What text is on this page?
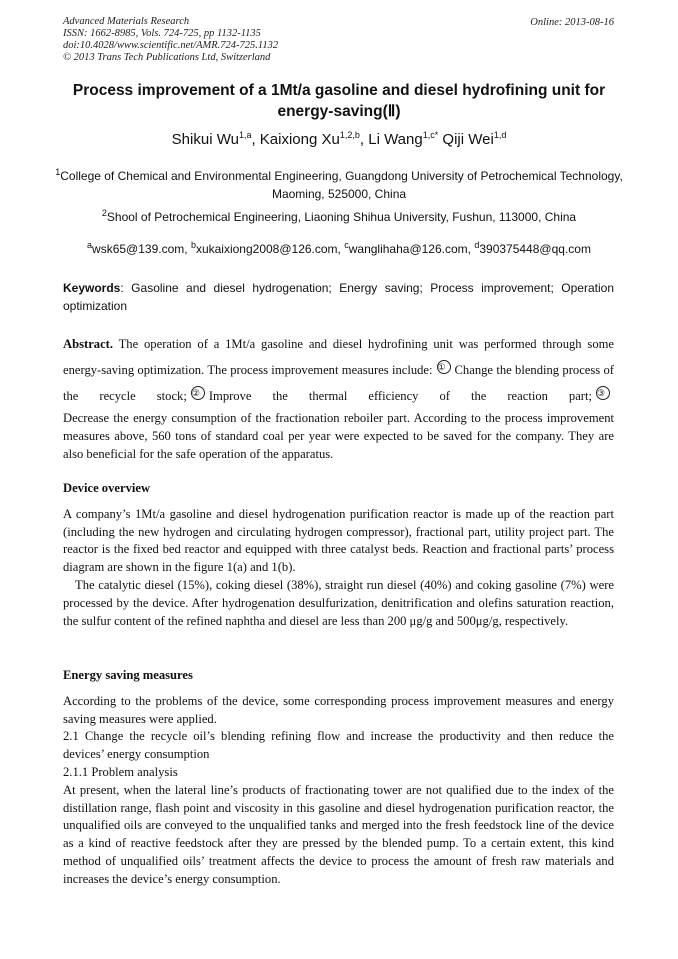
Advanced Materials Research
ISSN: 1662-8985, Vols. 724-725, pp 1132-1135
doi:10.4028/www.scientific.net/AMR.724-725.1132
© 2013 Trans Tech Publications Ltd, Switzerland
Online: 2013-08-16
Process improvement of a 1Mt/a gasoline and diesel hydrofining unit for energy-saving(Ⅱ)
Shikui Wu$^{1,a}$, Kaixiong Xu$^{1,2,b}$, Li Wang$^{1,c*}$ Qiji Wei$^{1,d}$
$^1$College of Chemical and Environmental Engineering, Guangdong University of Petrochemical Technology, Maoming, 525000, China
$^2$Shool of Petrochemical Engineering, Liaoning Shihua University, Fushun, 113000, China
$^a$wsk65@139.com, $^b$xukaixiong2008@126.com, $^c$wanglihaha@126.com, $^d$390375448@qq.com
Keywords: Gasoline and diesel hydrogenation; Energy saving; Process improvement; Operation optimization

Abstract. The operation of a 1Mt/a gasoline and diesel hydrofining unit was performed through some energy-saving optimization. The process improvement measures include: ① Change the blending process of the recycle stock; ② Improve the thermal efficiency of the reaction part; ③

Decrease the energy consumption of the fractionation reboiler part. According to the process improvement measures above, 560 tons of standard coal per year were expected to be saved for the company. They are also beneficial for the safe operation of the apparatus.

Device overview

A company’s 1Mt/a gasoline and diesel hydrogenation purification reactor is made up of the reaction part (including the new hydrogen and circulating hydrogen compressor), fractional part, utility project part. The reactor is the fixed bed reactor and equipped with three catalyst beds. Reaction and fractional parts’ process diagram are shown in the figure 1(a) and 1(b).

The catalytic diesel (15%), coking diesel (38%), straight run diesel (40%) and coking gasoline (7%) were processed by the device. After hydrogenation desulfurization, denitrification and olefins saturation reaction, the sulfur content of the refined naphtha and diesel are less than 200 μg/g and 500μg/g, respectively.

Energy saving measures

According to the problems of the device, some corresponding process improvement measures and energy saving measures were applied.

2.1 Change the recycle oil’s blending refining flow and increase the productivity and then reduce the devices’ energy consumption

2.1.1 Problem analysis

At present, when the lateral line’s products of fractionating tower are not qualified due to the index of the distillation range, flash point and viscosity in this gasoline and diesel hydrogenation purification reactor, the unqualified oils are conveyed to the unqualified tanks and merged into the fresh feedstock line of the device as a kind of reactive feedstock after they are pressed by the blended pump. To a certain extent, this kind method of unqualified oils’ treatment affects the device to process the amount of fresh raw materials and increases the device’s energy consumption.
